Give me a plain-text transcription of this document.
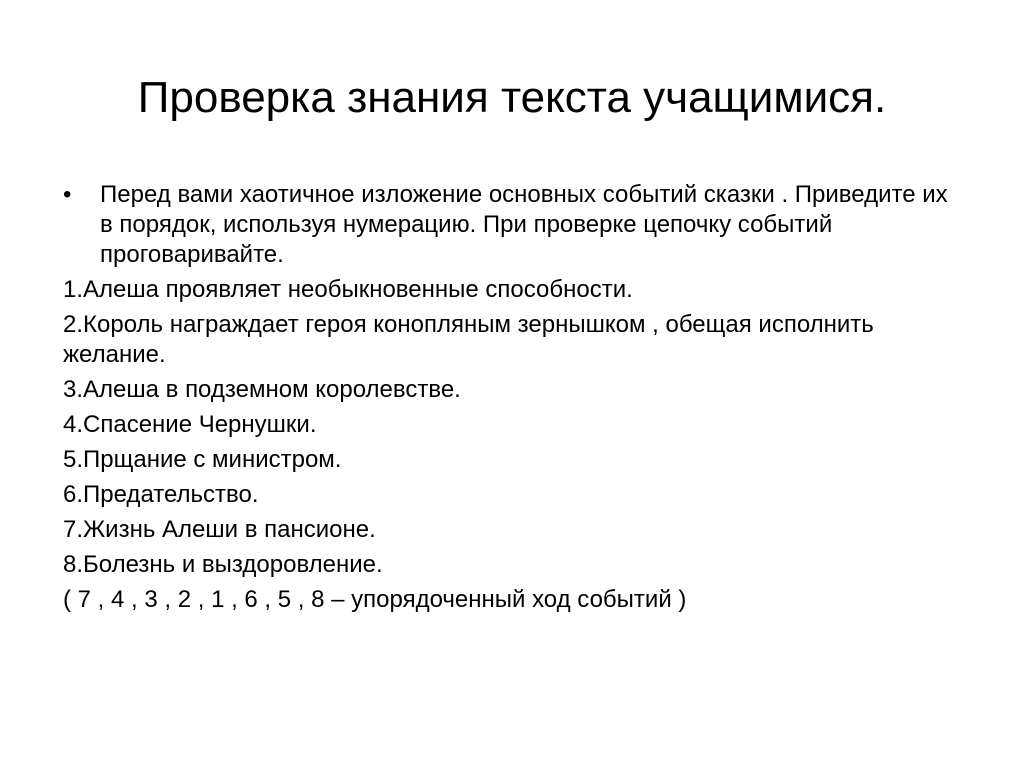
Проверка знания текста учащимися.
•	Перед вами хаотичное изложение основных событий сказки . Приведите их в порядок, используя нумерацию. При проверке цепочку событий проговаривайте.
1.Алеша проявляет необыкновенные способности.
2.Король награждает героя конопляным зернышком , обещая исполнить желание.
3.Алеша в подземном королевстве.
4.Спасение Чернушки.
5.Прщание с министром.
6.Предательство.
7.Жизнь Алеши в пансионе.
8.Болезнь и выздоровление.
( 7 , 4 , 3 , 2 , 1 , 6 , 5 , 8 – упорядоченный ход событий )
